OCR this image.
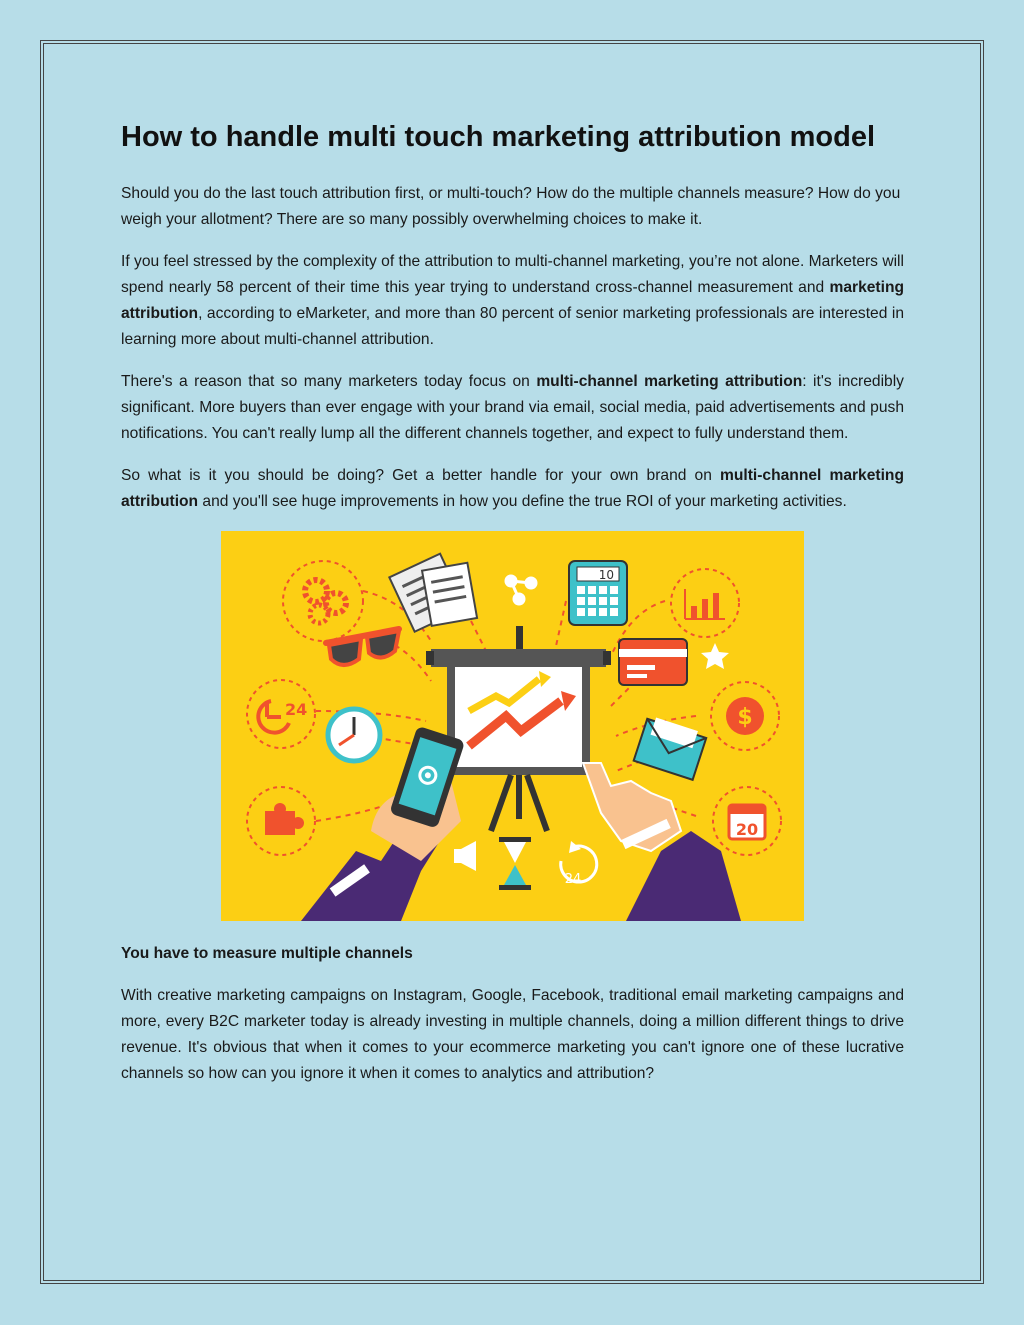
How to handle multi touch marketing attribution model

Should you do the last touch attribution first, or multi-touch? How do the multiple channels measure? How do you weigh your allotment? There are so many possibly overwhelming choices to make it.

If you feel stressed by the complexity of the attribution to multi-channel marketing, you’re not alone. Marketers will spend nearly 58 percent of their time this year trying to understand cross-channel measurement and marketing attribution, according to eMarketer, and more than 80 percent of senior marketing professionals are interested in learning more about multi-channel attribution.

There's a reason that so many marketers today focus on multi-channel marketing attribution: it's incredibly significant. More buyers than ever engage with your brand via email, social media, paid advertisements and push notifications. You can't really lump all the different channels together, and expect to fully understand them.

So what is it you should be doing? Get a better handle for your own brand on multi-channel marketing attribution and you'll see huge improvements in how you define the true ROI of your marketing activities.

10
24	$
20
24
You have to measure multiple channels

With creative marketing campaigns on Instagram, Google, Facebook, traditional email marketing campaigns and more, every B2C marketer today is already investing in multiple channels, doing a million different things to drive revenue. It's obvious that when it comes to your ecommerce marketing you can't ignore one of these lucrative channels so how can you ignore it when it comes to analytics and attribution?
